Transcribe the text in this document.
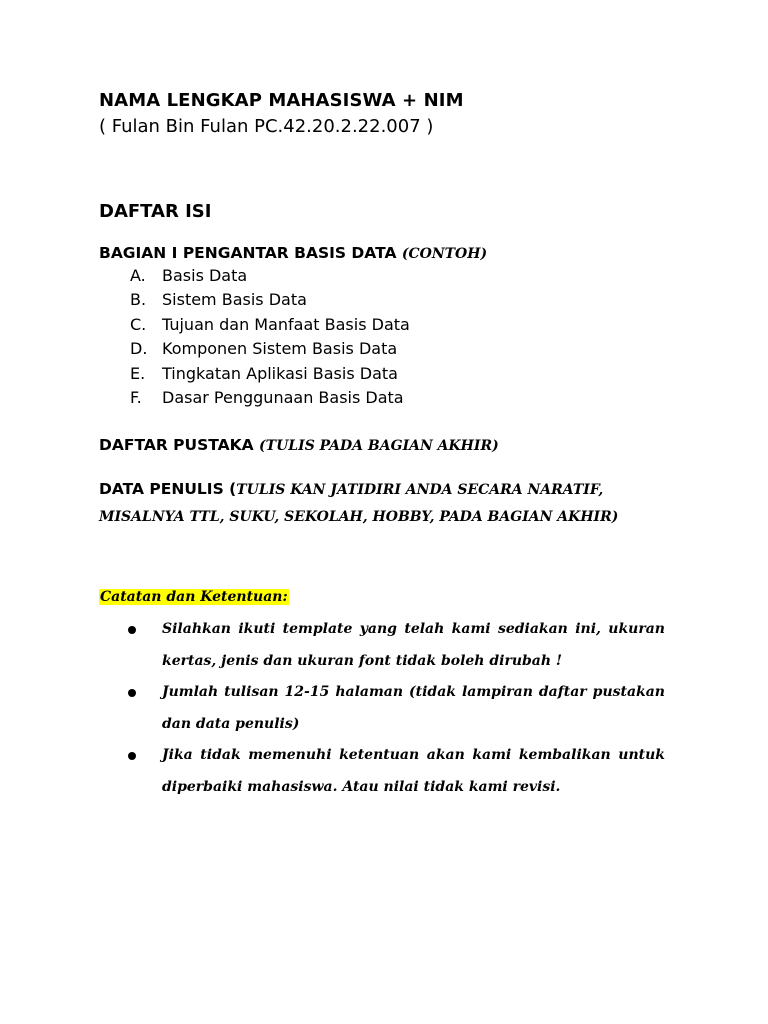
NAMA LENGKAP MAHASISWA + NIM
( Fulan Bin Fulan PC.42.20.2.22.007 )
DAFTAR ISI
BAGIAN I PENGANTAR BASIS DATA (CONTOH)
A.	Basis Data
B. Sistem Basis Data
C. Tujuan dan Manfaat Basis Data
D. Komponen Sistem Basis Data
E.	Tingkatan Aplikasi Basis Data
F.	Dasar Penggunaan Basis Data
DAFTAR PUSTAKA (TULIS PADA BAGIAN AKHIR)
DATA PENULIS (TULIS KAN JATIDIRI ANDA SECARA NARATIF, MISALNYA TTL, SUKU, SEKOLAH, HOBBY, PADA BAGIAN AKHIR)
Catatan dan Ketentuan:
Silahkan ikuti template yang telah kami sediakan ini, ukuran kertas, jenis dan ukuran font tidak boleh dirubah !
Jumlah tulisan 12-15 halaman (tidak lampiran daftar pustakan dan data penulis)
Jika tidak memenuhi ketentuan akan kami kembalikan untuk diperbaiki mahasiswa. Atau nilai tidak kami revisi.
